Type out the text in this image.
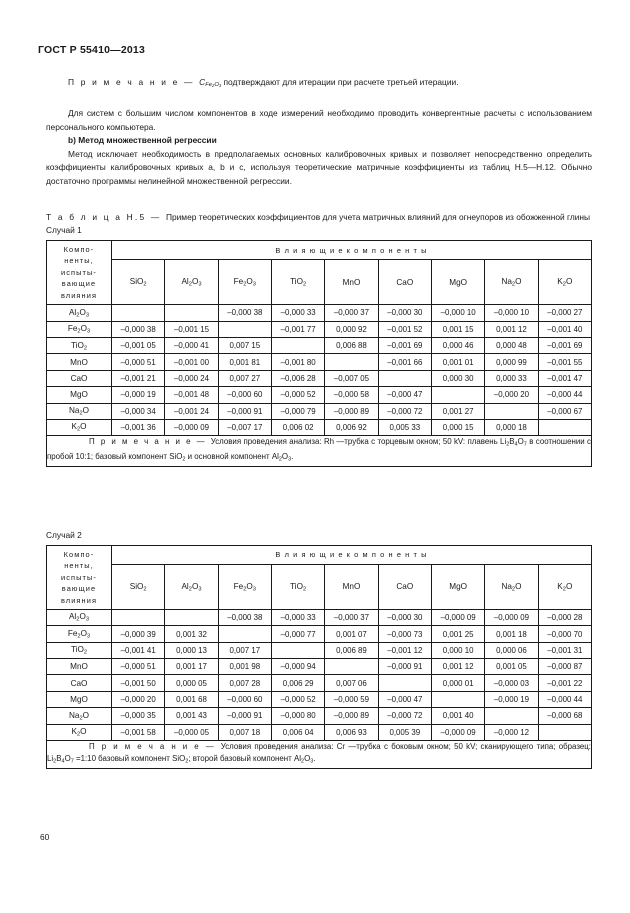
ГОСТ Р 55410—2013

П р и м е ч а н и е — $C_{Fe_2O_3}$ подтверждают для итерации при расчете третьей итерации.

Для систем с большим числом компонентов в ходе измерений необходимо проводить конвергентные расчеты с использованием персонального компьютера.

b) Метод множественной регрессии

Метод исключает необходимость в предполагаемых основных калибровочных кривых и позволяет непосредственно определить коэффициенты калибровочных кривых a, b и c, используя теоретические матричные коэффициенты из таблиц Н.5—Н.12. Обычно достаточно программы нелинейной множественной регрессии.

Т а б л и ц а Н.5 — Пример теоретических коэффициентов для учета матричных влияний для огнеупоров из обожженной глины

Случай 1

Компо-
ненты,
испыты-
вающие
влияния	В л и я ю щ и е к о м п о н е н т ы								
	SiO$_2$	$Al_2O_3$	$Fe_2O_3$	TiO$_2$	MnO	CaO	MgO	$Na_2O$	$K_2O$
$Al_2O_3$			–0,000 38	–0,000 33	–0,000 37	–0,000 30	–0,000 10	–0,000 10	–0,000 27
$Fe_2O_3$	–0,000 38	–0,001 15		–0,001 77	0,000 92	–0,001 52	0,001 15	0,001 12	–0,001 40
TiO$_2$	–0,001 05	–0,000 41	0,007 15		0,006 88	–0,001 69	0,000 46	0,000 48	–0,001 69
MnO	–0,000 51	–0,001 00	0,001 81	–0,001 80		–0,001 66	0,001 01	0,000 99	–0,001 55
CaO	–0,001 21	–0,000 24	0,007 27	–0,006 28	–0,007 05		0,000 30	0,000 33	–0,001 47
MgO	–0,000 19	–0,001 48	–0,000 60	–0,000 52	–0,000 58	–0,000 47		–0,000 20	–0,000 44
$Na_2O$	–0,000 34	–0,001 24	–0,000 91	–0,000 79	–0,000 89	–0,000 72	0,001 27		–0,000 67
$K_2O$	–0,001 36	–0,000 09	–0,007 17	0,006 02	0,006 92	0,005 33	0,000 15	0,000 18	
П р и м е ч а н и е — Условия проведения анализа: Rh —трубка с торцевым окном; 50 kV: плавень $Li_2B_4O_7$ в соотношении с пробой 10:1; базовый компонент SiO$_2$ и основной компонент $Al_2O_3$.									

Случай 2

Компо-
ненты,
испыты-
вающие
влияния	В л и я ю щ и е к о м п о н е н т ы								
	SiO$_2$	$Al_2O_3$	$Fe_2O_3$	TiO$_2$	MnO	CaO	MgO	$Na_2O$	$K_2O$
$Al_2O_3$			–0,000 38	–0,000 33	–0,000 37	–0,000 30	–0,000 09	–0,000 09	–0,000 28
$Fe_2O_3$	–0,000 39	0,001 32		–0,000 77	0,001 07	–0,000 73	0,001 25	0,001 18	–0,000 70
TiO$_2$	–0,001 41	0,000 13	0,007 17		0,006 89	–0,001 12	0,000 10	0,000 06	–0,001 31
MnO	–0,000 51	0,001 17	0,001 98	–0,000 94		–0,000 91	0,001 12	0,001 05	–0,000 87
CaO	–0,001 50	0,000 05	0,007 28	0,006 29	0,007 06		0,000 01	–0,000 03	–0,001 22
MgO	–0,000 20	0,001 68	–0,000 60	–0,000 52	–0,000 59	–0,000 47		–0,000 19	–0,000 44
$Na_2O$	–0,000 35	0,001 43	–0,000 91	–0,000 80	–0,000 89	–0,000 72	0,001 40		–0,000 68
$K_2O$	–0,001 58	–0,000 05	0,007 18	0,006 04	0,006 93	0,005 39	–0,000 09	–0,000 12	
П р и м е ч а н и е — Условия проведения анализа: Cr —трубка с боковым окном; 50 kV; сканирующего типа; образец: $Li_2B_4O_7$ =1:10 базовый компонент SiO$_2$; второй базовый компонент $Al_2O_3$.									
60
